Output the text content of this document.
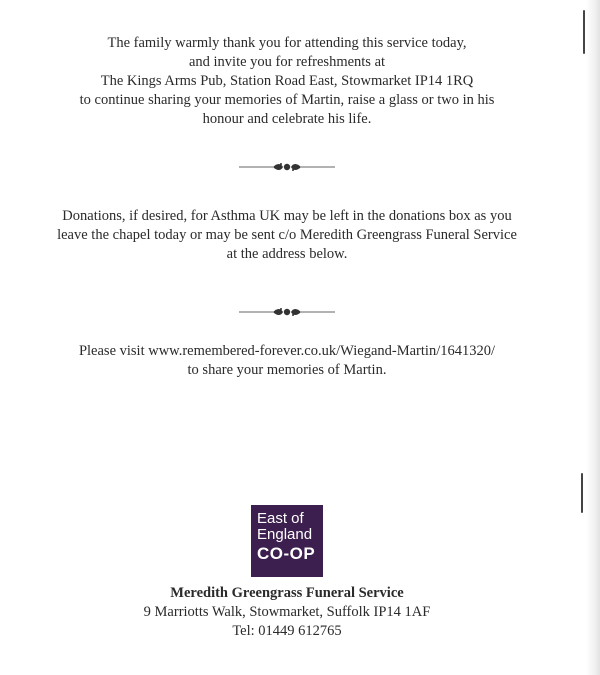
The family warmly thank you for attending this service today,

and invite you for refreshments at

The Kings Arms Pub, Station Road East, Stowmarket IP14 1RQ

to continue sharing your memories of Martin, raise a glass or two in his

honour and celebrate his life.

Donations, if desired, for Asthma UK may be left in the donations box as you

leave the chapel today or may be sent c/o Meredith Greengrass Funeral Service

at the address below.

Please visit www.remembered-forever.co.uk/Wiegand-Martin/1641320/

to share your memories of Martin.

East of
England
CO-OP

Meredith Greengrass Funeral Service

9 Marriotts Walk, Stowmarket, Suffolk IP14 1AF

Tel: 01449 612765
